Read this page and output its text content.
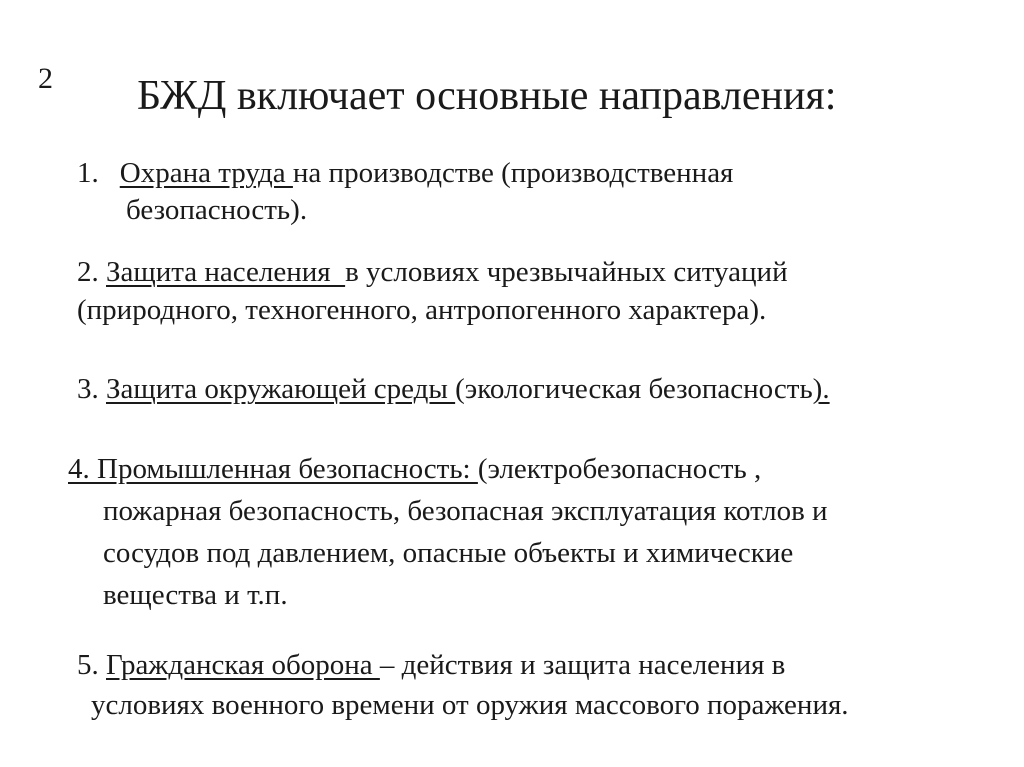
2 БЖД включает основные направления:
1. Охрана труда на производстве (производственная
безопасность).
2. Защита населения  в условиях чрезвычайных ситуаций
(природного, техногенного, антропогенного характера).
3. Защита окружающей среды (экологическая безопасность).
4. Промышленная безопасность: (электробезопасность ,
пожарная безопасность, безопасная эксплуатация котлов и
сосудов под давлением, опасные объекты и химические
вещества и т.п.
5. Гражданская оборона – действия и защита населения в
условиях военного времени от оружия массового поражения.
